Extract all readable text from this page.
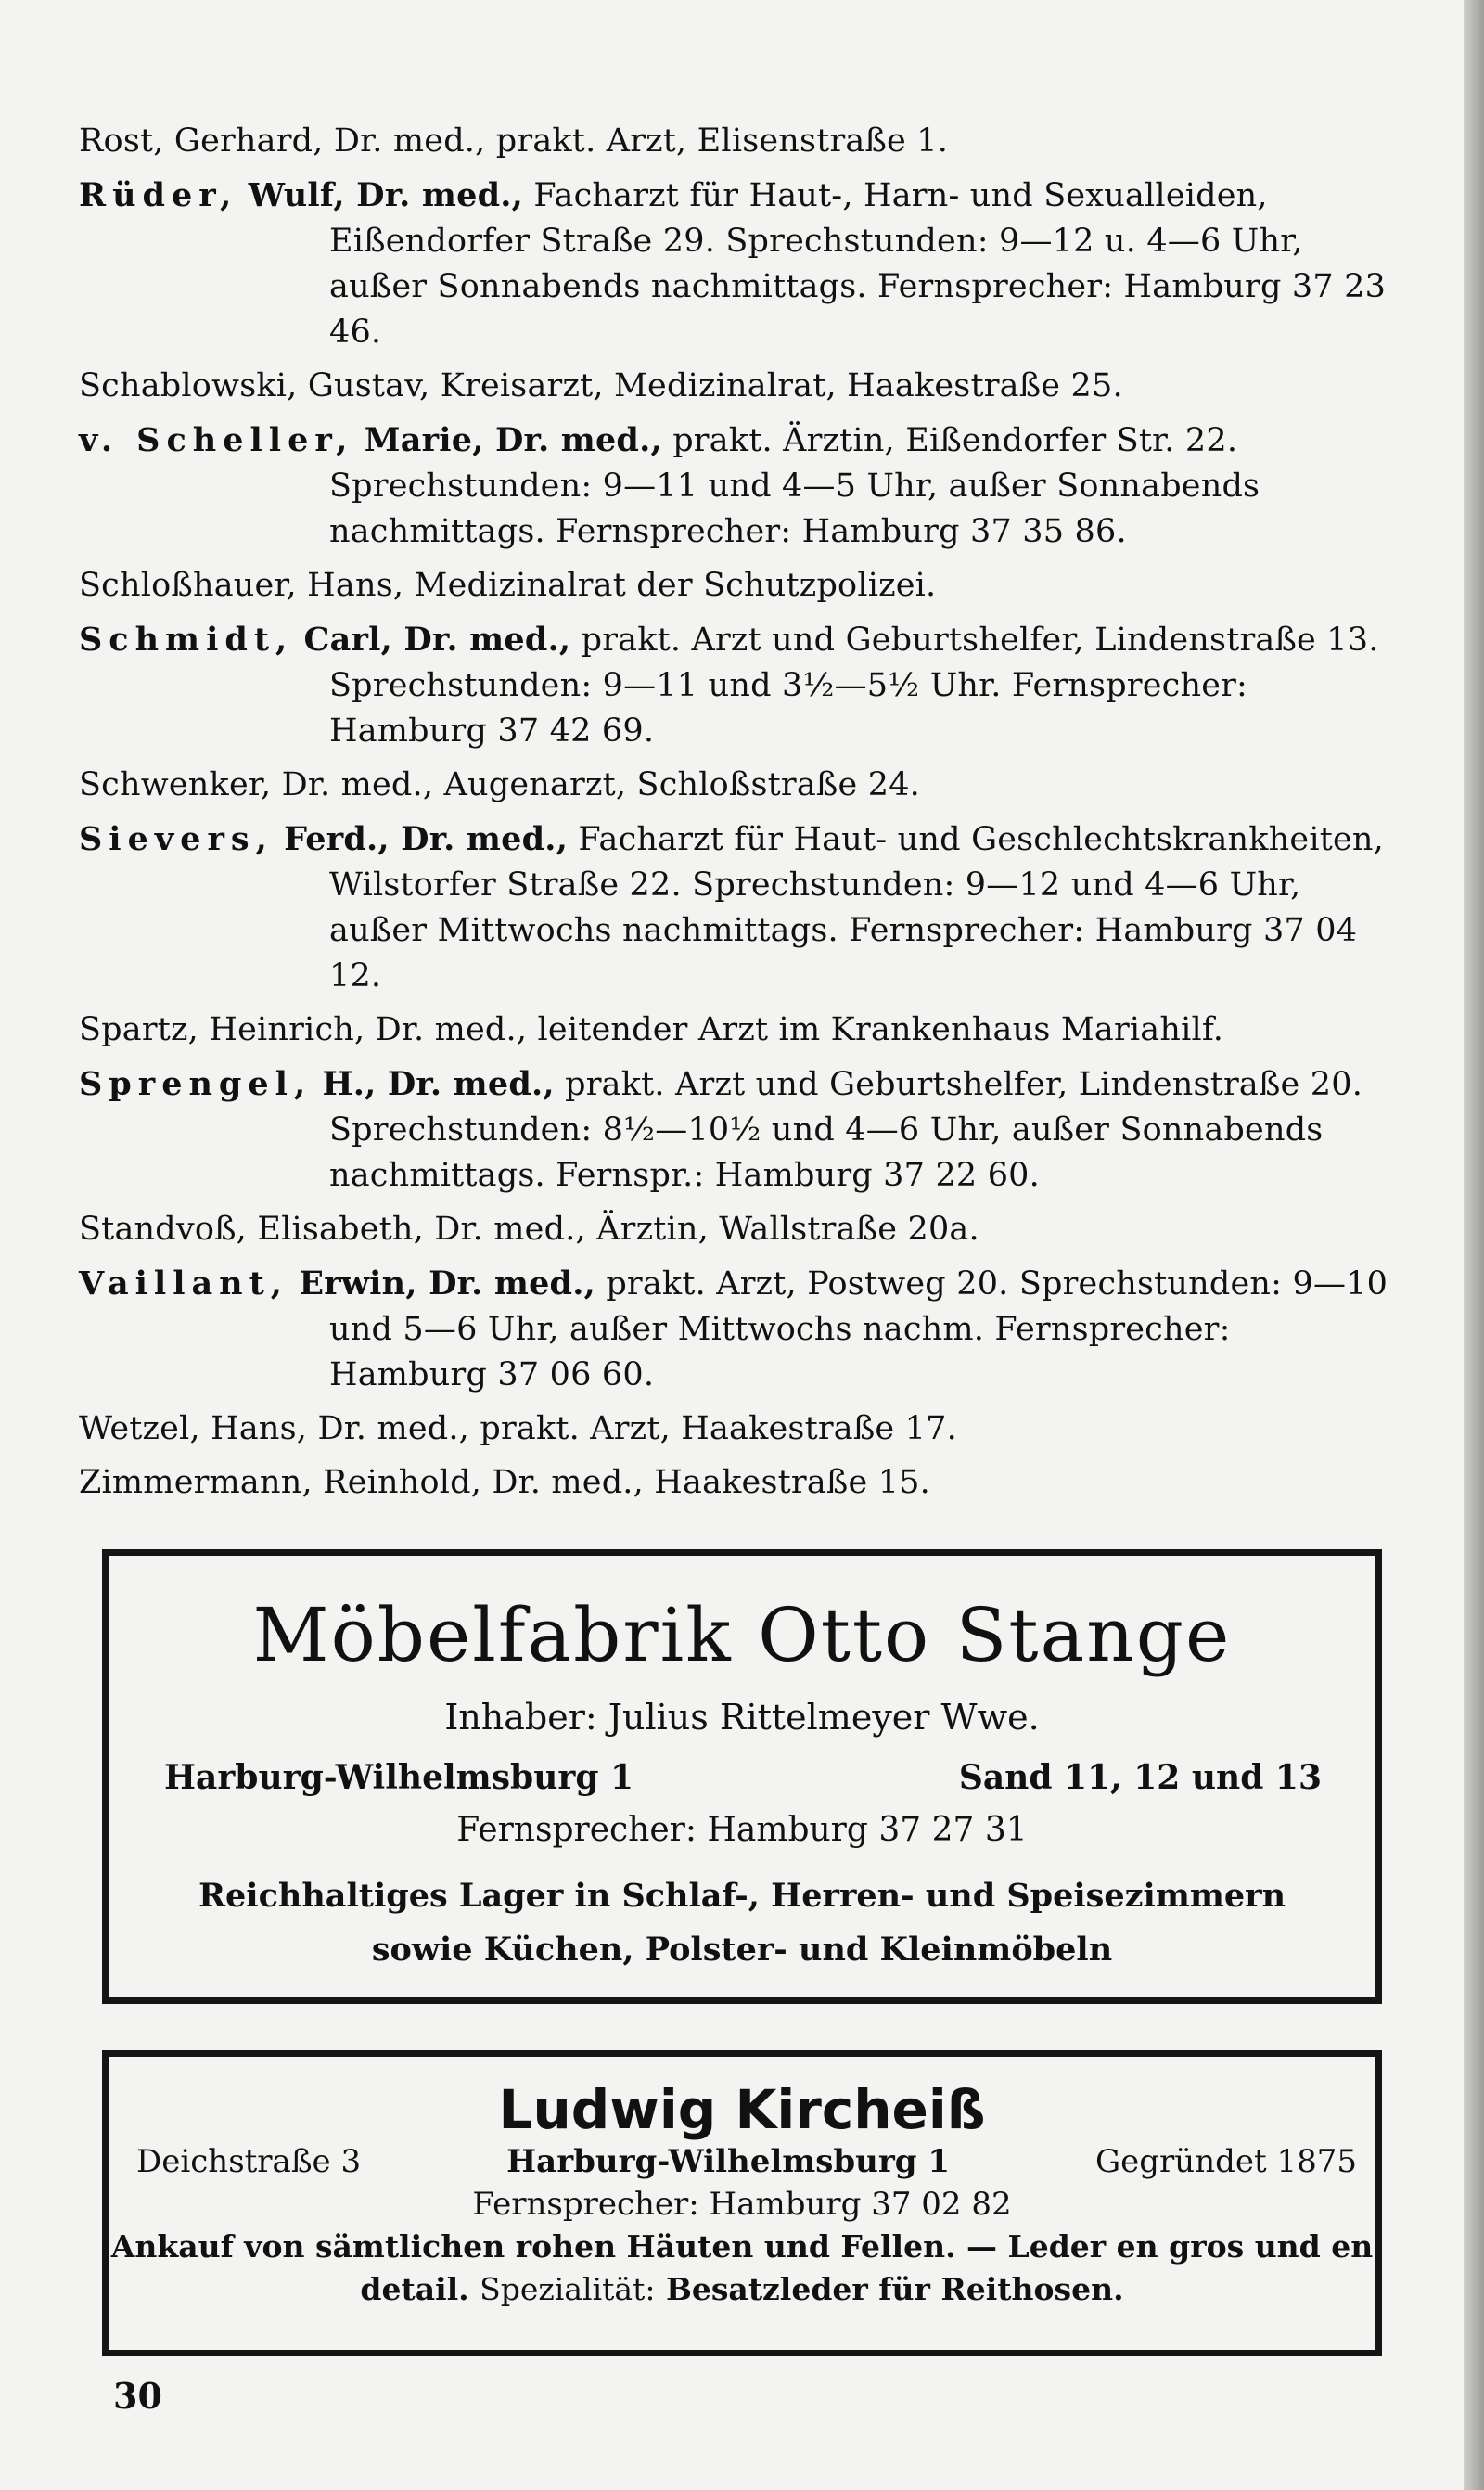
Rost, Gerhard, Dr. med., prakt. Arzt, Elisenstraße 1.
Rüder, Wulf, Dr. med., Facharzt für Haut-, Harn- und Sexualleiden, Eißendorfer Straße 29. Sprechstunden: 9—12 u. 4—6 Uhr, außer Sonnabends nachmittags. Fernsprecher: Hamburg 37 23 46.
Schablowski, Gustav, Kreisarzt, Medizinalrat, Haakestraße 25.
v. Scheller, Marie, Dr. med., prakt. Ärztin, Eißendorfer Str. 22. Sprechstunden: 9—11 und 4—5 Uhr, außer Sonnabends nachmittags. Fernsprecher: Hamburg 37 35 86.
Schloßhauer, Hans, Medizinalrat der Schutzpolizei.
Schmidt, Carl, Dr. med., prakt. Arzt und Geburtshelfer, Lindenstraße 13. Sprechstunden: 9—11 und 3½—5½ Uhr. Fernsprecher: Hamburg 37 42 69.
Schwenker, Dr. med., Augenarzt, Schloßstraße 24.
Sievers, Ferd., Dr. med., Facharzt für Haut- und Geschlechtskrankheiten, Wilstorfer Straße 22. Sprechstunden: 9—12 und 4—6 Uhr, außer Mittwochs nachmittags. Fernsprecher: Hamburg 37 04 12.
Spartz, Heinrich, Dr. med., leitender Arzt im Krankenhaus Mariahilf.
Sprengel, H., Dr. med., prakt. Arzt und Geburtshelfer, Lindenstraße 20. Sprechstunden: 8½—10½ und 4—6 Uhr, außer Sonnabends nachmittags. Fernspr.: Hamburg 37 22 60.
Standvoß, Elisabeth, Dr. med., Ärztin, Wallstraße 20a.
Vaillant, Erwin, Dr. med., prakt. Arzt, Postweg 20. Sprechstunden: 9—10 und 5—6 Uhr, außer Mittwochs nachm. Fernsprecher: Hamburg 37 06 60.
Wetzel, Hans, Dr. med., prakt. Arzt, Haakestraße 17.
Zimmermann, Reinhold, Dr. med., Haakestraße 15.
Möbelfabrik Otto Stange
Inhaber: Julius Rittelmeyer Wwe.
Harburg-Wilhelmsburg 1	Sand 11, 12 und 13
Fernsprecher: Hamburg 37 27 31
Reichhaltiges Lager in Schlaf-, Herren- und Speisezimmern
sowie Küchen, Polster- und Kleinmöbeln
Ludwig Kircheiß
Deichstraße 3	Harburg-Wilhelmsburg 1	Gegründet 1875
Fernsprecher: Hamburg 37 02 82
Ankauf von sämtlichen rohen Häuten und Fellen. — Leder en gros und en detail. Spezialität: Besatzleder für Reithosen.
30
